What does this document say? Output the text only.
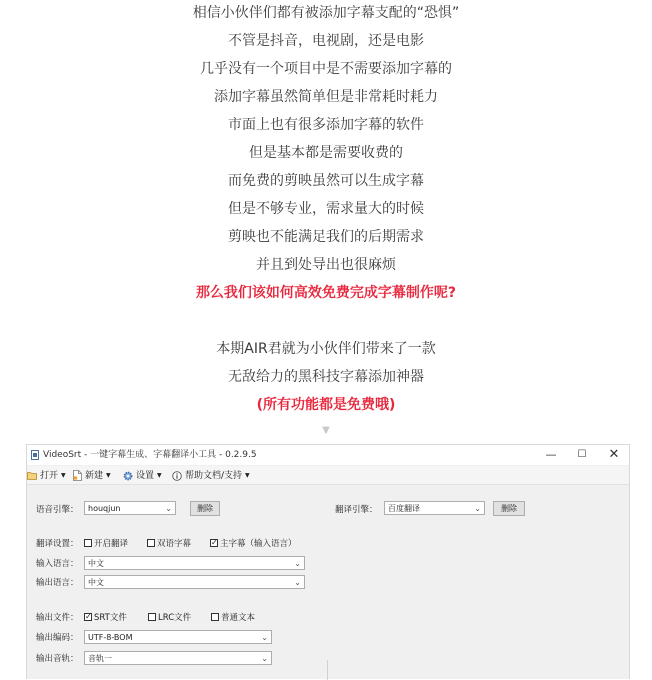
相信小伙伴们都有被添加字幕支配的“恐惧”
不管是抖音，电视剧，还是电影
几乎没有一个项目中是不需要添加字幕的
添加字幕虽然简单但是非常耗时耗力
市面上也有很多添加字幕的软件
但是基本都是需要收费的
而免费的剪映虽然可以生成字幕
但是不够专业，需求量大的时候
剪映也不能满足我们的后期需求
并且到处导出也很麻烦
那么我们该如何高效免费完成字幕制作呢?
本期AIR君就为小伙伴们带来了一款
无敌给力的黑科技字幕添加神器
(所有功能都是免费哦)
▼
VideoSrt - 一键字幕生成、字幕翻译小工具 - 0.2.9.5	—	☐	✕
打开 ▼	新建 ▼	设置 ▼	帮助文档/支持 ▼
语音引擎：	houqjun	⌄	删除	翻译引擎：	百度翻译	⌄	删除
翻译设置：	开启翻译	双语字幕 ✓	主字幕（输入语言）
输入语言：	中文	⌄
输出语言：	中文	⌄
输出文件： ✓	SRT文件	LRC文件	普通文本
输出编码：	UTF-8-BOM	⌄
输出音轨：	音轨一	⌄
